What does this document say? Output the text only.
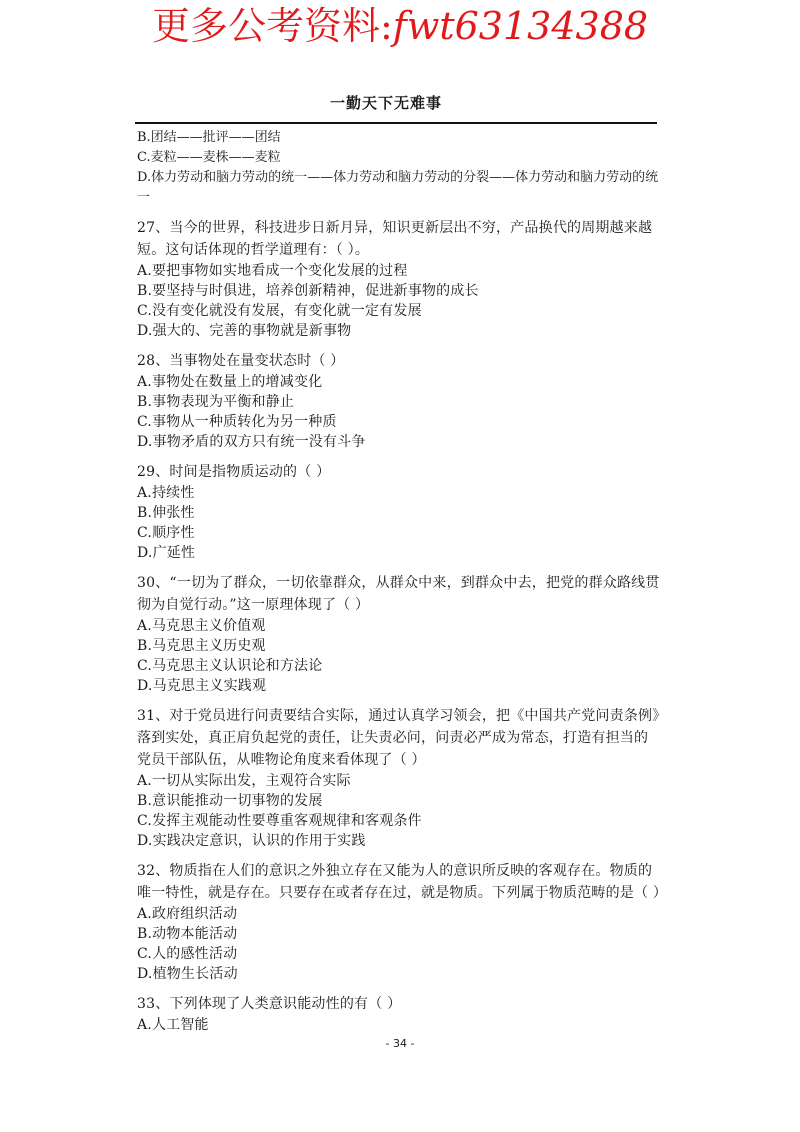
更多公考资料:fwt63134388
一勤天下无难事

B.团结——批评——团结

C.麦粒——麦株——麦粒

D.体力劳动和脑力劳动的统一——体力劳动和脑力劳动的分裂——体力劳动和脑力劳动的统一

27、当今的世界，科技进步日新月异，知识更新层出不穷，产品换代的周期越来越短。这句话体现的哲学道理有：（ ）。

A.要把事物如实地看成一个变化发展的过程

B.要坚持与时俱进，培养创新精神，促进新事物的成长

C.没有变化就没有发展，有变化就一定有发展

D.强大的、完善的事物就是新事物

28、当事物处在量变状态时（ ）

A.事物处在数量上的增减变化

B.事物表现为平衡和静止

C.事物从一种质转化为另一种质

D.事物矛盾的双方只有统一没有斗争

29、时间是指物质运动的（ ）

A.持续性

B.伸张性

C.顺序性

D.广延性

30、“一切为了群众，一切依靠群众，从群众中来，到群众中去，把党的群众路线贯彻为自觉行动。”这一原理体现了（ ）

A.马克思主义价值观

B.马克思主义历史观

C.马克思主义认识论和方法论

D.马克思主义实践观

31、对于党员进行问责要结合实际，通过认真学习领会，把《中国共产党问责条例》落到实处，真正肩负起党的责任，让失责必问，问责必严成为常态，打造有担当的党员干部队伍，从唯物论角度来看体现了（ ）

A.一切从实际出发，主观符合实际

B.意识能推动一切事物的发展

C.发挥主观能动性要尊重客观规律和客观条件

D.实践决定意识，认识的作用于实践

32、物质指在人们的意识之外独立存在又能为人的意识所反映的客观存在。物质的唯一特性，就是存在。只要存在或者存在过，就是物质。下列属于物质范畴的是（ ）

A.政府组织活动

B.动物本能活动

C.人的感性活动

D.植物生长活动

33、下列体现了人类意识能动性的有（ ）

A.人工智能

- 34 -
